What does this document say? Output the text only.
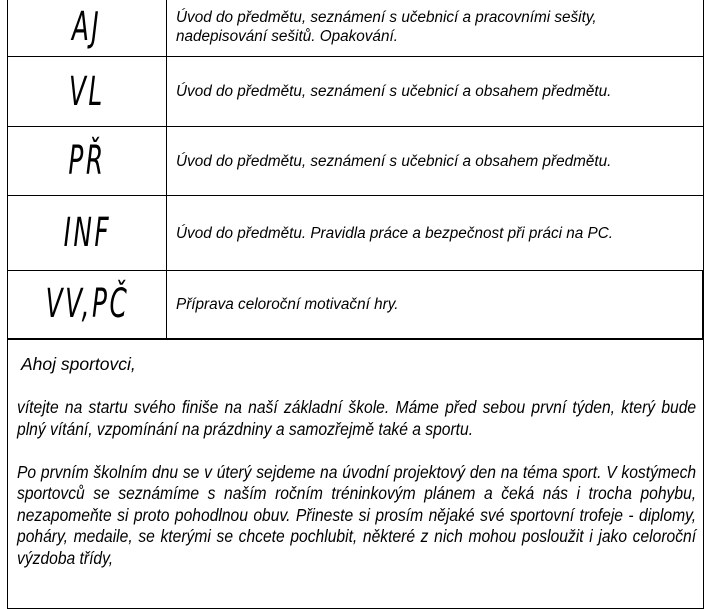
AJ	Úvod do předmětu, seznámení s učebnicí a pracovními sešity, nadepisování sešitů. Opakování.
VL	Úvod do předmětu, seznámení s učebnicí a obsahem předmětu.
PŘ	Úvod do předmětu, seznámení s učebnicí a obsahem předmětu.
INF	Úvod do předmětu. Pravidla práce a bezpečnost při práci na PC.
VV,PČ	Příprava celoroční motivační hry.

Ahoj sportovci,

vítejte na startu svého finiše na naší základní škole. Máme před sebou první týden, který bude plný vítání, vzpomínání na prázdniny a samozřejmě také a sportu.

Po prvním školním dnu se v úterý sejdeme na úvodní projektový den na téma sport. V kostýmech sportovců se seznámíme s naším ročním tréninkovým plánem a čeká nás i trocha pohybu, nezapomeňte si proto pohodlnou obuv. Přineste si prosím nějaké své sportovní trofeje - diplomy, poháry, medaile, se kterými se chcete pochlubit, některé z nich mohou posloužit i jako celoroční výzdoba třídy,
